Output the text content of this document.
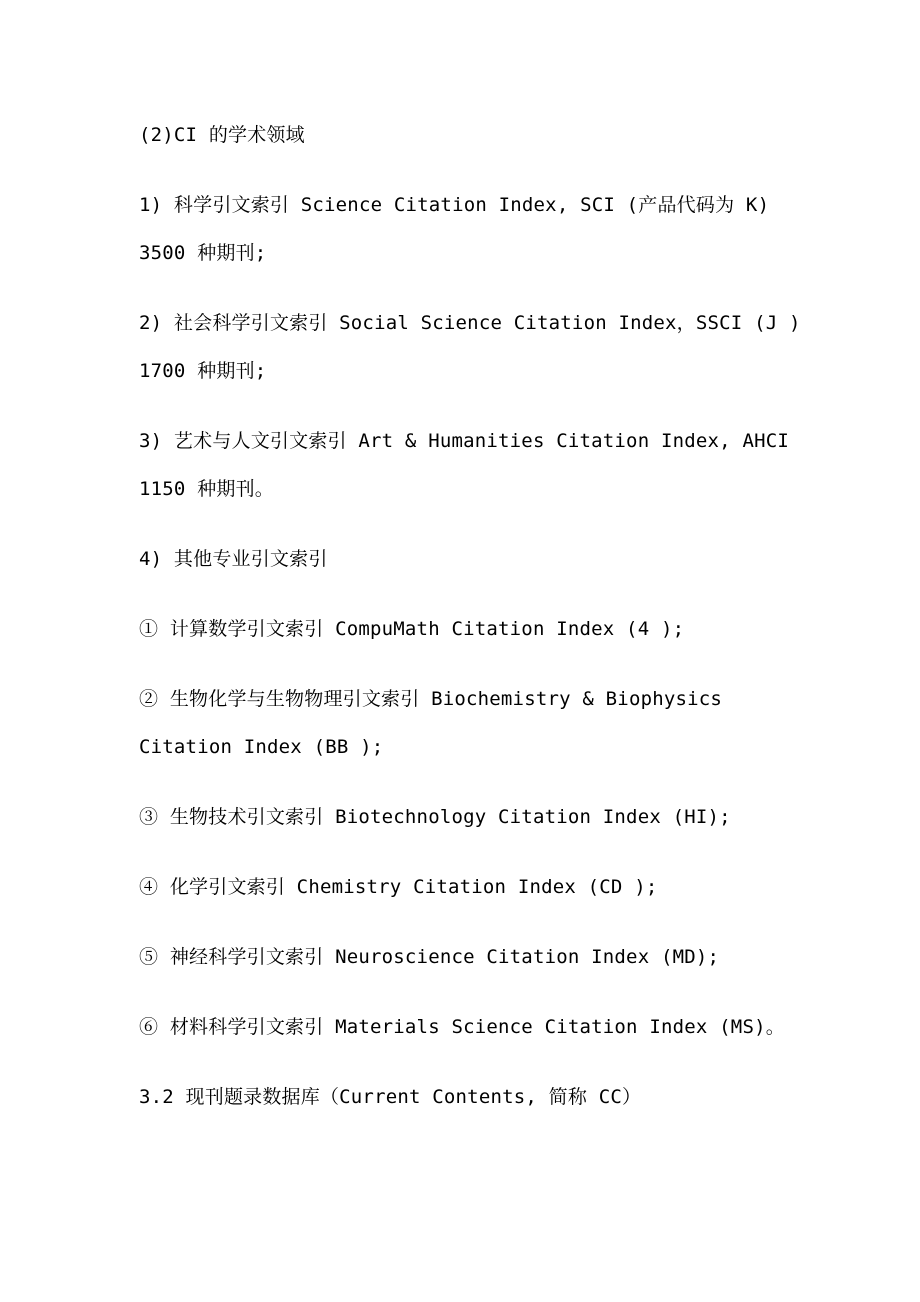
(2)CI 的学术领域
1) 科学引文索引 Science Citation Index, SCI (产品代码为 K)
3500 种期刊;
2) 社会科学引文索引 Social Science Citation Index，SSCI (J )
1700 种期刊;
3) 艺术与人文引文索引 Art & Humanities Citation Index, AHCI
1150 种期刊。
4) 其他专业引文索引
① 计算数学引文索引 CompuMath Citation Index (4 );
② 生物化学与生物物理引文索引 Biochemistry & Biophysics
Citation Index (BB );
③ 生物技术引文索引 Biotechnology Citation Index (HI);
④ 化学引文索引 Chemistry Citation Index (CD );
⑤ 神经科学引文索引 Neuroscience Citation Index (MD);
⑥ 材料科学引文索引 Materials Science Citation Index (MS)。
3.2 现刊题录数据库（Current Contents, 简称 CC）
